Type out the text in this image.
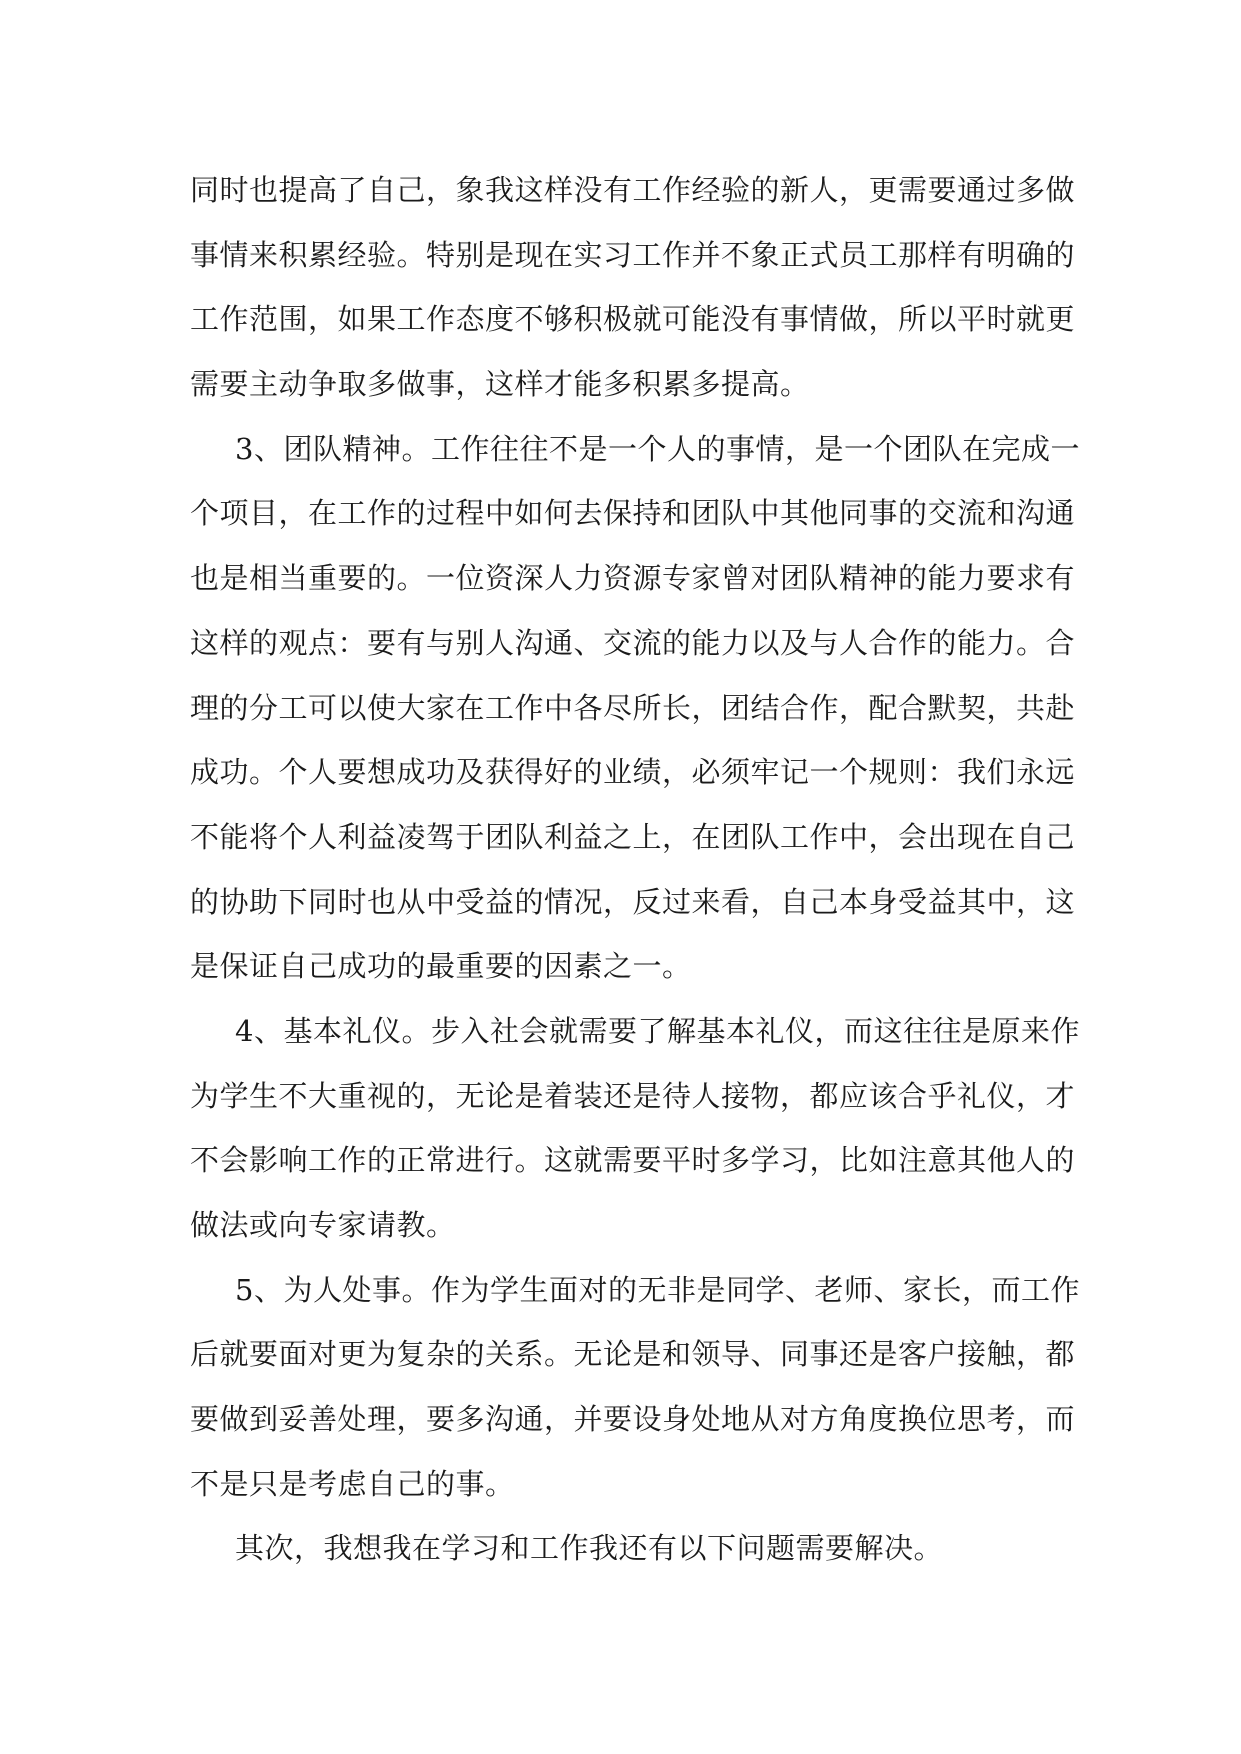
同时也提高了自己，象我这样没有工作经验的新人，更需要通过多做
事情来积累经验。特别是现在实习工作并不象正式员工那样有明确的
工作范围，如果工作态度不够积极就可能没有事情做，所以平时就更
需要主动争取多做事，这样才能多积累多提高。
3、团队精神。工作往往不是一个人的事情，是一个团队在完成一
个项目，在工作的过程中如何去保持和团队中其他同事的交流和沟通
也是相当重要的。一位资深人力资源专家曾对团队精神的能力要求有
这样的观点：要有与别人沟通、交流的能力以及与人合作的能力。合
理的分工可以使大家在工作中各尽所长，团结合作，配合默契，共赴
成功。个人要想成功及获得好的业绩，必须牢记一个规则：我们永远
不能将个人利益凌驾于团队利益之上，在团队工作中，会出现在自己
的协助下同时也从中受益的情况，反过来看，自己本身受益其中，这
是保证自己成功的最重要的因素之一。
4、基本礼仪。步入社会就需要了解基本礼仪，而这往往是原来作
为学生不大重视的，无论是着装还是待人接物，都应该合乎礼仪，才
不会影响工作的正常进行。这就需要平时多学习，比如注意其他人的
做法或向专家请教。
5、为人处事。作为学生面对的无非是同学、老师、家长，而工作
后就要面对更为复杂的关系。无论是和领导、同事还是客户接触，都
要做到妥善处理，要多沟通，并要设身处地从对方角度换位思考，而
不是只是考虑自己的事。
其次，我想我在学习和工作我还有以下问题需要解决。
